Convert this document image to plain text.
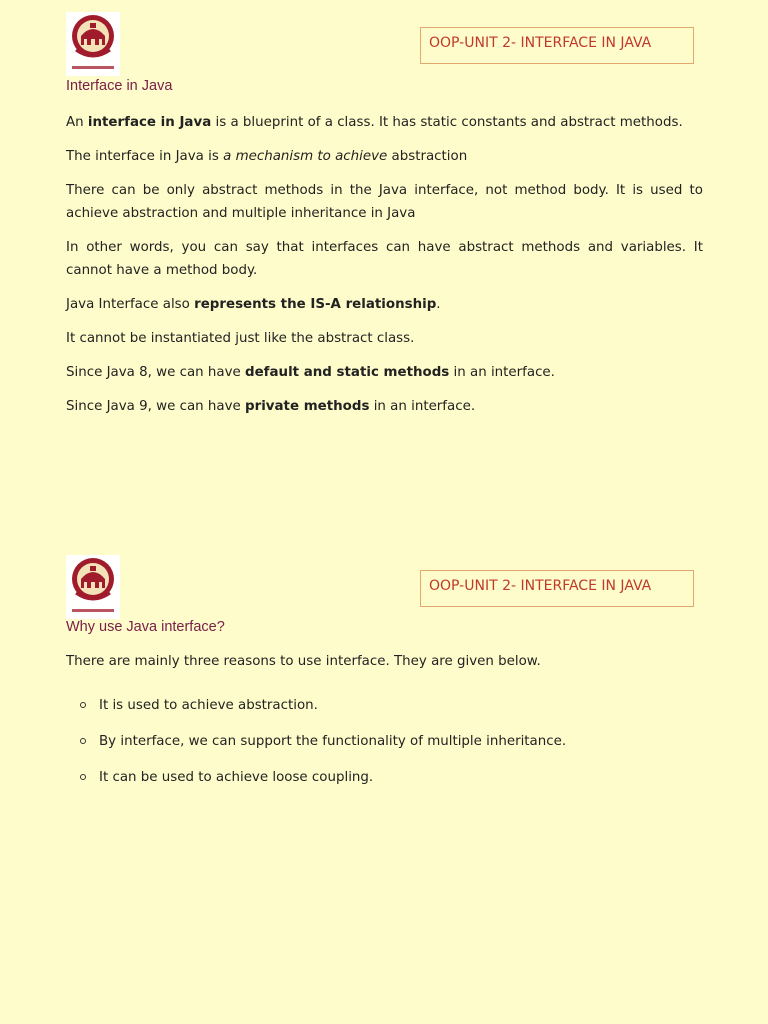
OOP-UNIT 2- INTERFACE IN JAVA
Interface in Java

An interface in Java is a blueprint of a class. It has static constants and abstract methods.

The interface in Java is a mechanism to achieve abstraction

There can be only abstract methods in the Java interface, not method body. It is used to achieve abstraction and multiple inheritance in Java

In other words, you can say that interfaces can have abstract methods and variables. It cannot have a method body.

Java Interface also represents the IS-A relationship.

It cannot be instantiated just like the abstract class.

Since Java 8, we can have default and static methods in an interface.

Since Java 9, we can have private methods in an interface.

OOP-UNIT 2- INTERFACE IN JAVA
Why use Java interface?

There are mainly three reasons to use interface. They are given below.

It is used to achieve abstraction.
By interface, we can support the functionality of multiple inheritance.
It can be used to achieve loose coupling.
